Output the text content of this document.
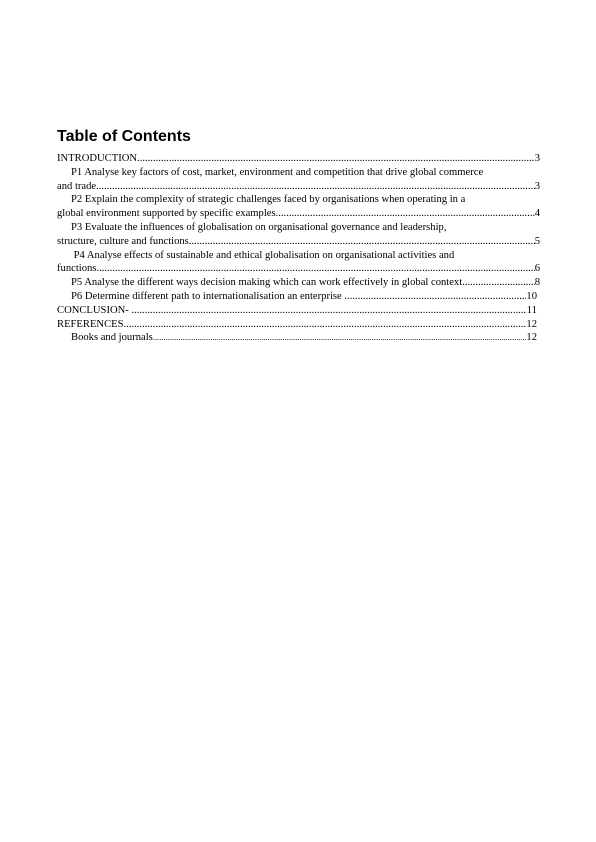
Table of Contents
INTRODUCTION .....	3
P1 Analyse key factors of cost, market, environment and competition that drive global commerce
and trade .....	3
P2 Explain the complexity of strategic challenges faced by organisations when operating in a
global environment supported by specific examples .....	4
P3 Evaluate the influences of globalisation on organisational governance and leadership,
structure, culture and functions .....	5
P4 Analyse effects of sustainable and ethical globalisation on organisational activities and
functions .....	6
P5 Analyse the different ways decision making which can work effectively in global context .....	8
P6 Determine different path to internationalisation an enterprise .....	10
CONCLUSION- .....	11
REFERENCES .....	12
Books and journals .....	12
